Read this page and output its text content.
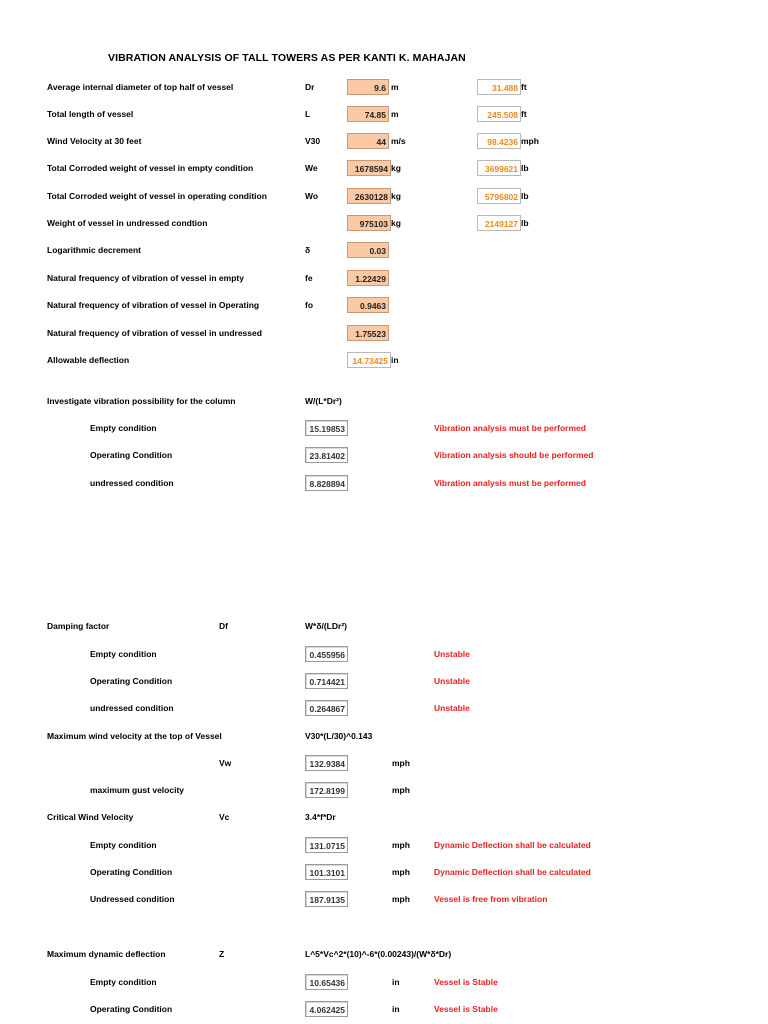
VIBRATION ANALYSIS OF TALL TOWERS AS PER KANTI K. MAHAJAN
Average internal diameter of top half of vessel	Dr	9.6 m	31.488 ft
Total length of vessel	L	74.85 m	245.508 ft
Wind Velocity at 30 feet	V30	44 m/s	98.4236 mph
Total Corroded weight of vessel in empty condition	We	1678594 kg	3699621 lb
Total Corroded weight of vessel in operating condition	Wo	2630128 kg	5796802 lb
Weight of vessel in undressed condtion	975103 kg	2149127 lb
Logarithmic decrement	δ	0.03
Natural frequency of vibration of vessel in empty	fe	1.22429
Natural frequency of vibration of vessel in Operating	fo	0.9463
Natural frequency of vibration of vessel in undressed	1.75523
Allowable deflection	14.73425 in
Investigate vibration possibility for the column	W/(L*Dr²)
Empty condition	15.19853	Vibration analysis must be performed
Operating Condition	23.81402	Vibration analysis should be performed
undressed condition	8.828894	Vibration analysis must be performed
Damping factor	Df	W*δ/(LDr²)
Empty condition	0.455956	Unstable
Operating Condition	0.714421	Unstable
undressed condition	0.264867	Unstable
Maximum wind velocity at the top of Vessel	V30*(L/30)^0.143
Vw	132.9384	mph
maximum gust velocity	172.8199	mph
Critical Wind Velocity	Vc	3.4*f*Dr
Empty condition	131.0715	mph	Dynamic Deflection shall be calculated
Operating Condition	101.3101	mph	Dynamic Deflection shall be calculated
Undressed condition	187.9135	mph	Vessel is free from vibration
Maximum dynamic deflection	Z	L^5*Vc^2*(10)^-6*(0.00243)/(W*δ*Dr)
Empty condition	10.65436	in	Vessel is Stable
Operating Condition	4.062425	in	Vessel is Stable
